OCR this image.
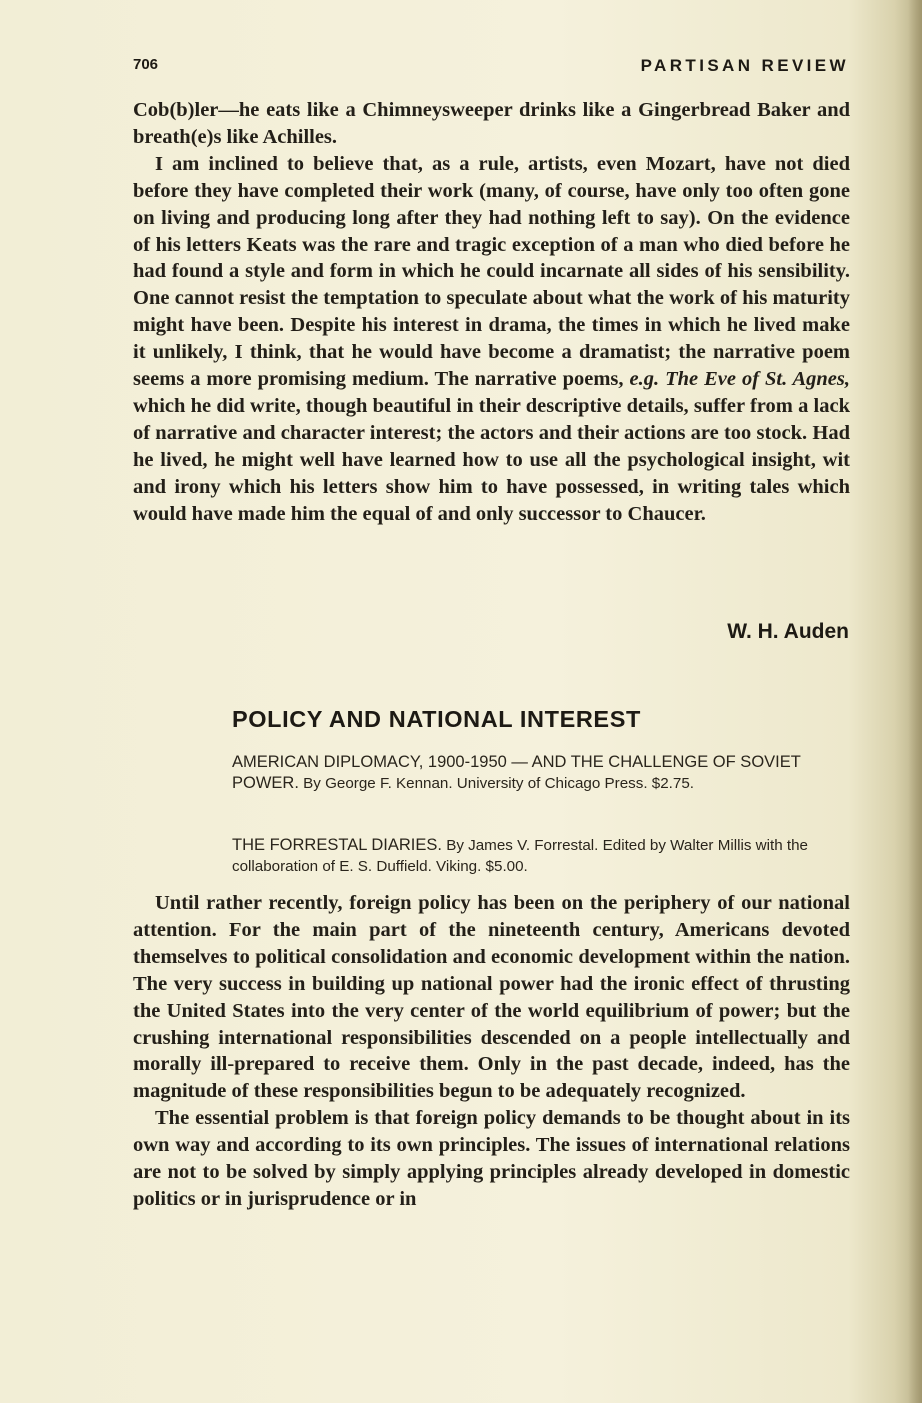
706	PARTISAN REVIEW

Cob(b)ler—he eats like a Chimneysweeper drinks like a Gingerbread Baker and breath(e)s like Achilles.

I am inclined to believe that, as a rule, artists, even Mozart, have not died before they have completed their work (many, of course, have only too often gone on living and producing long after they had nothing left to say). On the evidence of his letters Keats was the rare and tragic exception of a man who died before he had found a style and form in which he could incarnate all sides of his sensibility. One cannot resist the temptation to speculate about what the work of his maturity might have been. Despite his interest in drama, the times in which he lived make it unlikely, I think, that he would have become a dramatist; the narrative poem seems a more promising medium. The narrative poems, e.g. The Eve of St. Agnes, which he did write, though beautiful in their descriptive details, suffer from a lack of narrative and character interest; the actors and their actions are too stock. Had he lived, he might well have learned how to use all the psychological insight, wit and irony which his letters show him to have possessed, in writing tales which would have made him the equal of and only successor to Chaucer.

W. H. Auden
POLICY AND NATIONAL INTEREST

AMERICAN DIPLOMACY, 1900-1950 — AND THE CHALLENGE OF SOVIET POWER. By George F. Kennan. University of Chicago Press. $2.75.

THE FORRESTAL DIARIES. By James V. Forrestal. Edited by Walter Millis with the collaboration of E. S. Duffield. Viking. $5.00.

Until rather recently, foreign policy has been on the periphery of our national attention. For the main part of the nineteenth century, Americans devoted themselves to political consolidation and economic development within the nation. The very success in building up national power had the ironic effect of thrusting the United States into the very center of the world equilibrium of power; but the crushing international responsibilities descended on a people intellectually and morally ill-prepared to receive them. Only in the past decade, indeed, has the magnitude of these responsibilities begun to be adequately recognized.

The essential problem is that foreign policy demands to be thought about in its own way and according to its own principles. The issues of international relations are not to be solved by simply applying principles already developed in domestic politics or in jurisprudence or in
